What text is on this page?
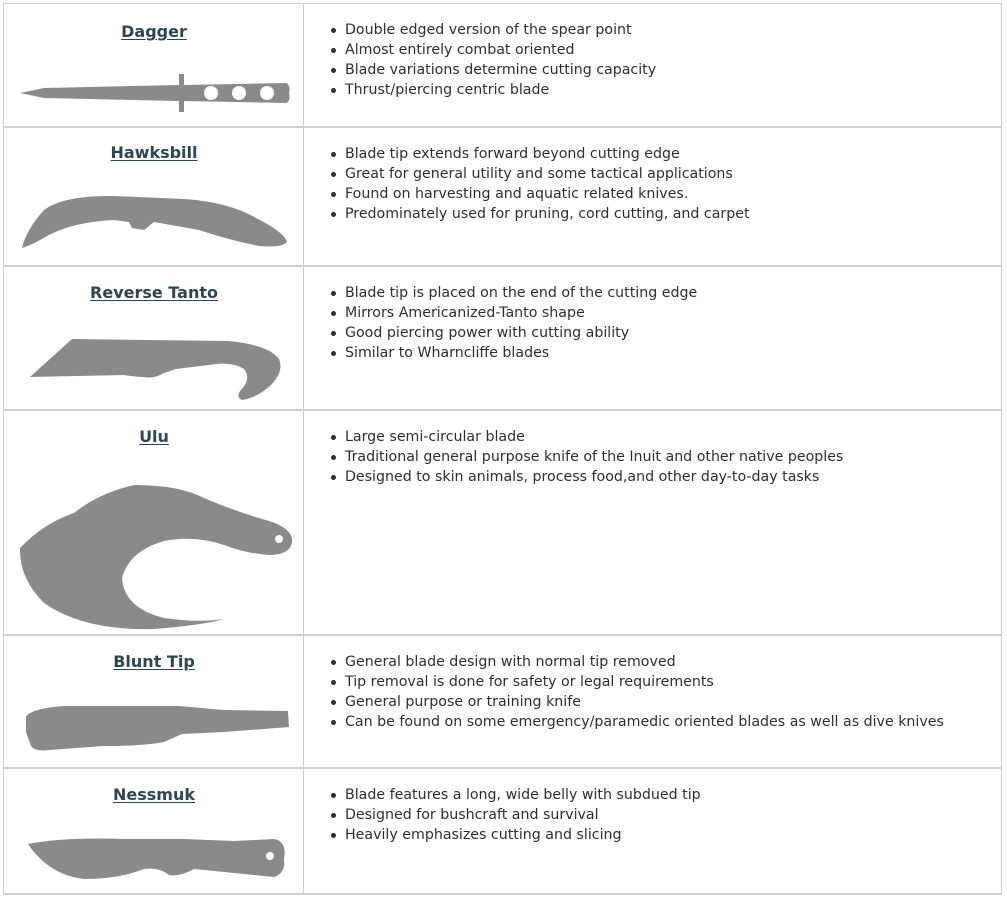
Dagger	Double edged version of the spear point
Almost entirely combat oriented
Blade variations determine cutting capacity
Thrust/piercing centric blade
Hawksbill	Blade tip extends forward beyond cutting edge
Great for general utility and some tactical applications
Found on harvesting and aquatic related knives.
Predominately used for pruning, cord cutting, and carpet
Reverse Tanto	Blade tip is placed on the end of the cutting edge
Mirrors Americanized-Tanto shape
Good piercing power with cutting ability
Similar to Wharncliffe blades
Ulu	Large semi-circular blade
Traditional general purpose knife of the Inuit and other native peoples
Designed to skin animals, process food,and other day-to-day tasks
Blunt Tip	General blade design with normal tip removed
Tip removal is done for safety or legal requirements
General purpose or training knife
Can be found on some emergency/paramedic oriented blades as well as dive knives
Nessmuk	Blade features a long, wide belly with subdued tip
Designed for bushcraft and survival
Heavily emphasizes cutting and slicing
